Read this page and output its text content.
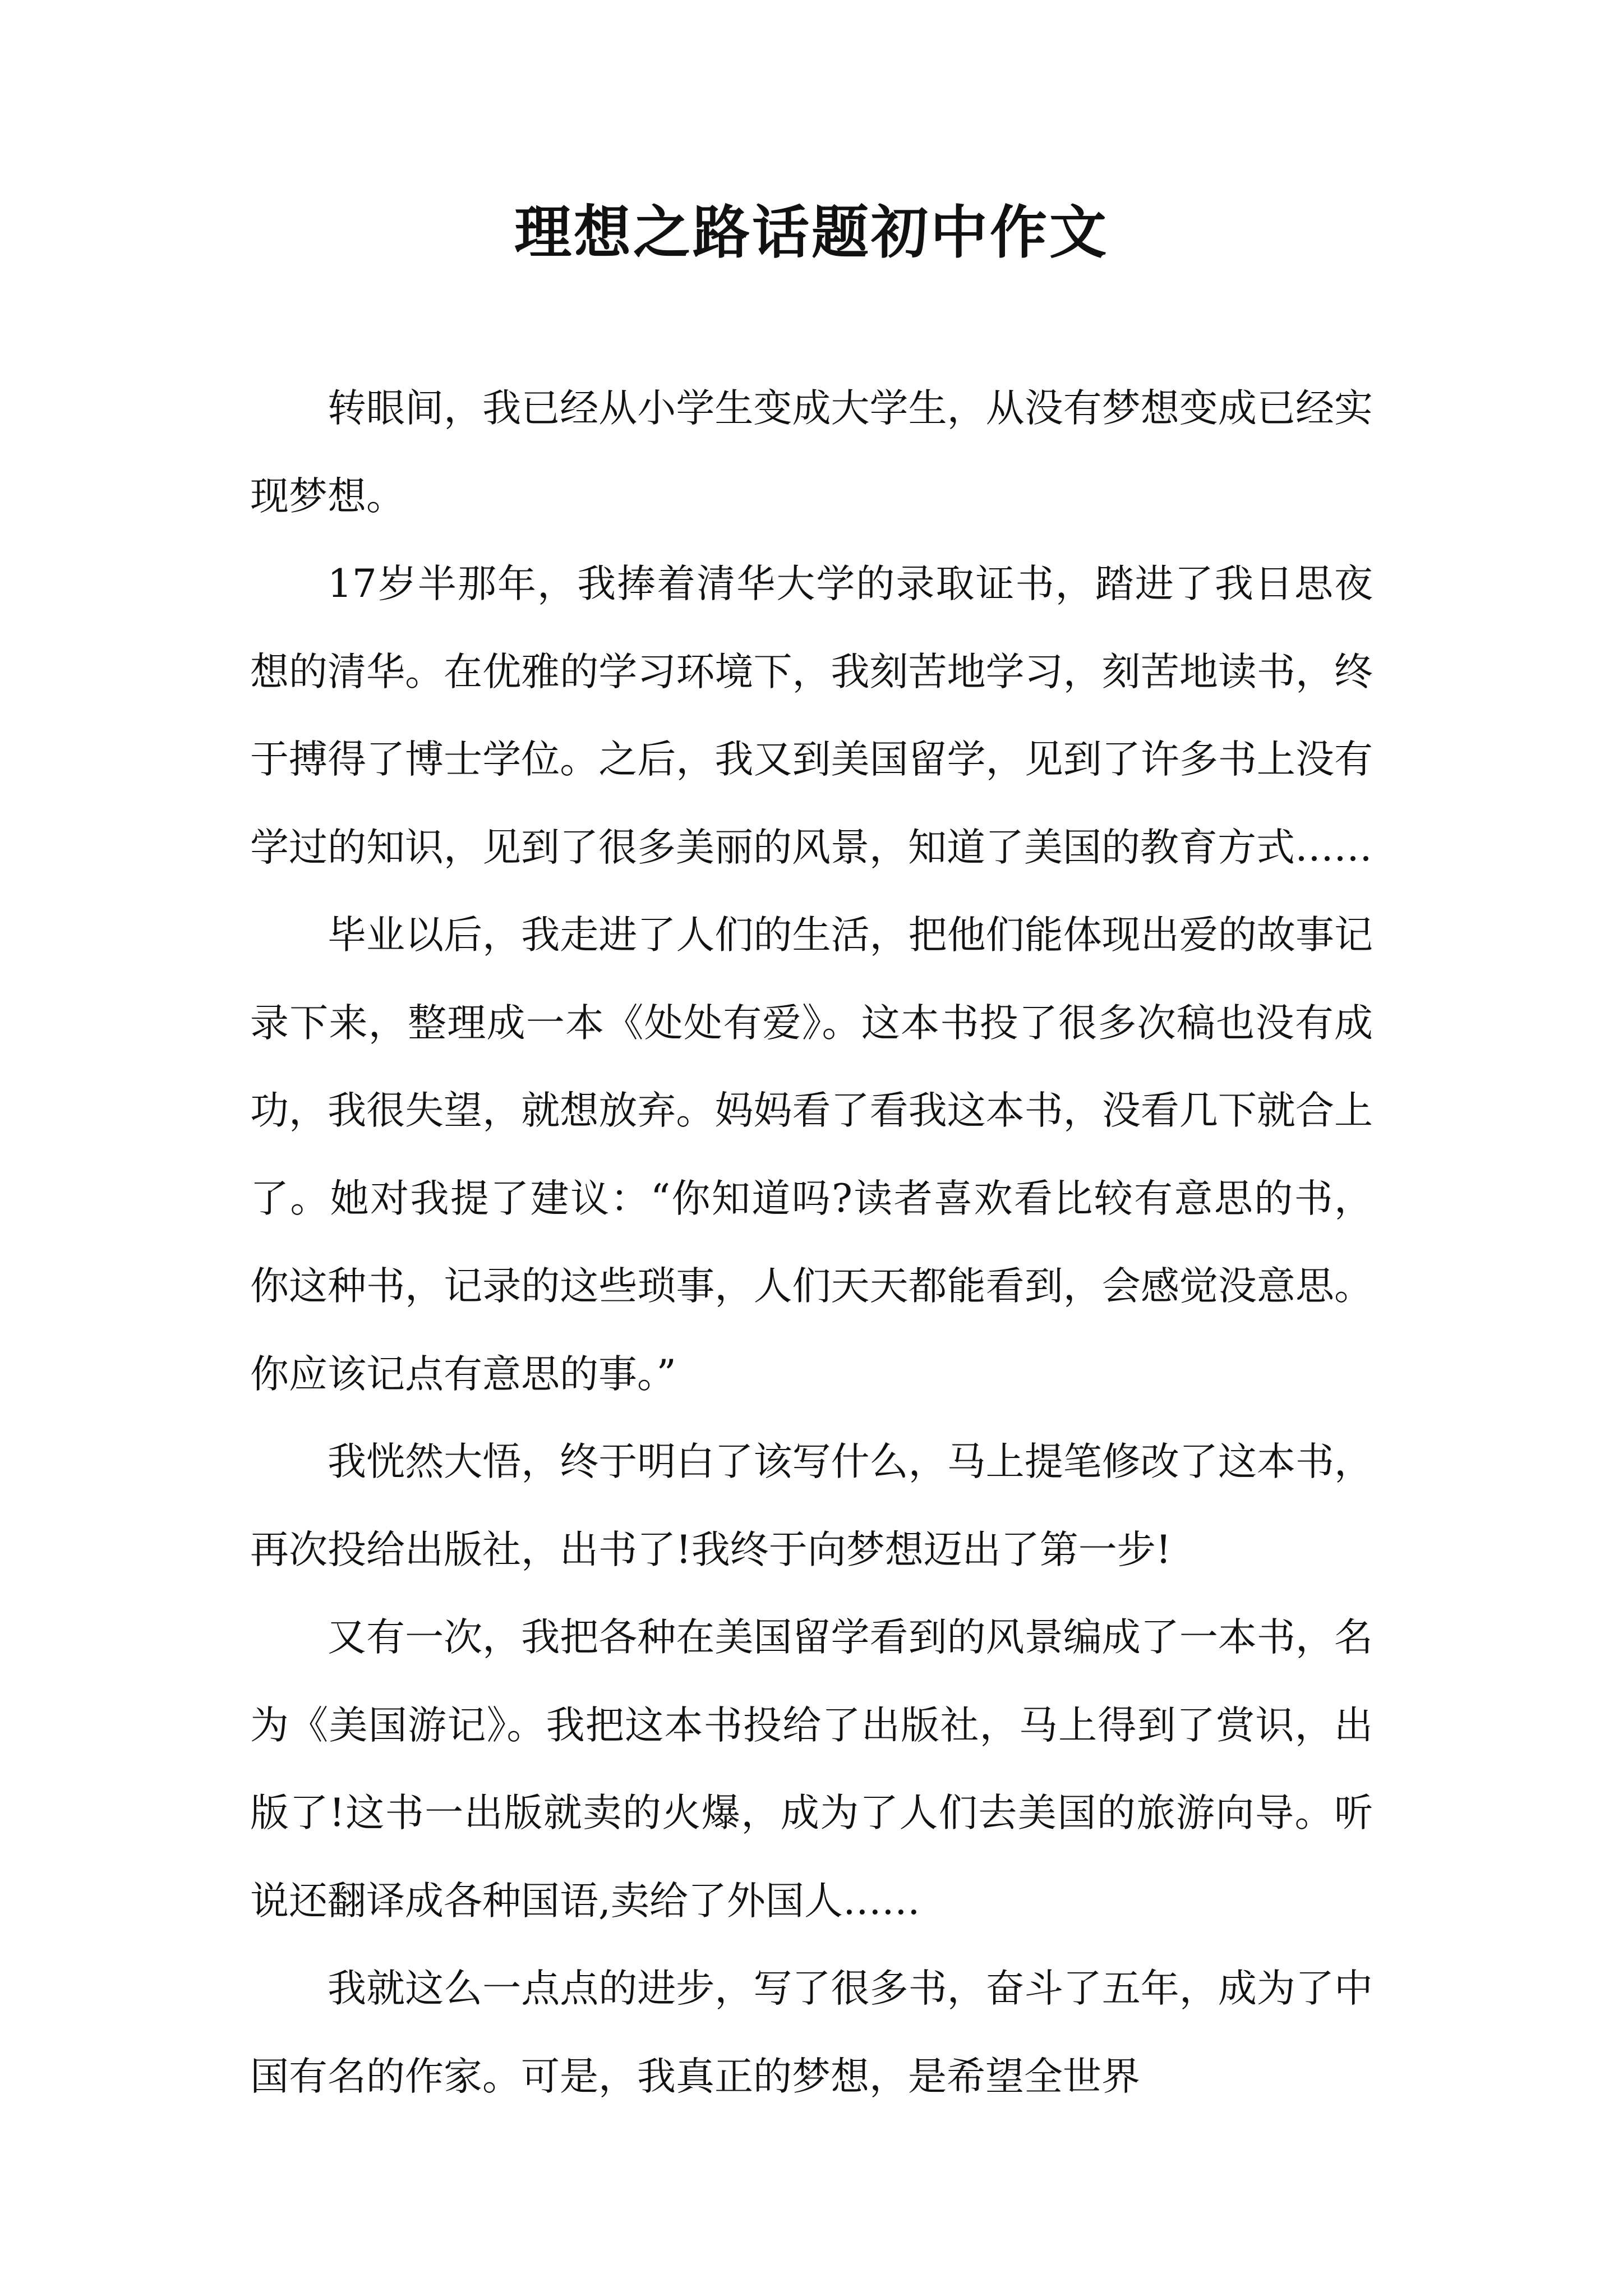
理想之路话题初中作文

转眼间，我已经从小学生变成大学生，从没有梦想变成已经实现梦想。

17岁半那年，我捧着清华大学的录取证书，踏进了我日思夜想的清华。在优雅的学习环境下，我刻苦地学习，刻苦地读书，终于搏得了博士学位。之后，我又到美国留学，见到了许多书上没有学过的知识，见到了很多美丽的风景，知道了美国的教育方式……

毕业以后，我走进了人们的生活，把他们能体现出爱的故事记录下来，整理成一本《处处有爱》。这本书投了很多次稿也没有成功，我很失望，就想放弃。妈妈看了看我这本书，没看几下就合上了。她对我提了建议：“你知道吗?读者喜欢看比较有意思的书，你这种书，记录的这些琐事，人们天天都能看到，会感觉没意思。你应该记点有意思的事。”

我恍然大悟，终于明白了该写什么，马上提笔修改了这本书，再次投给出版社，出书了!我终于向梦想迈出了第一步!

又有一次，我把各种在美国留学看到的风景编成了一本书，名为《美国游记》。我把这本书投给了出版社，马上得到了赏识，出版了!这书一出版就卖的火爆，成为了人们去美国的旅游向导。听说还翻译成各种国语,卖给了外国人……

我就这么一点点的进步，写了很多书，奋斗了五年，成为了中国有名的作家。可是，我真正的梦想，是希望全世界
